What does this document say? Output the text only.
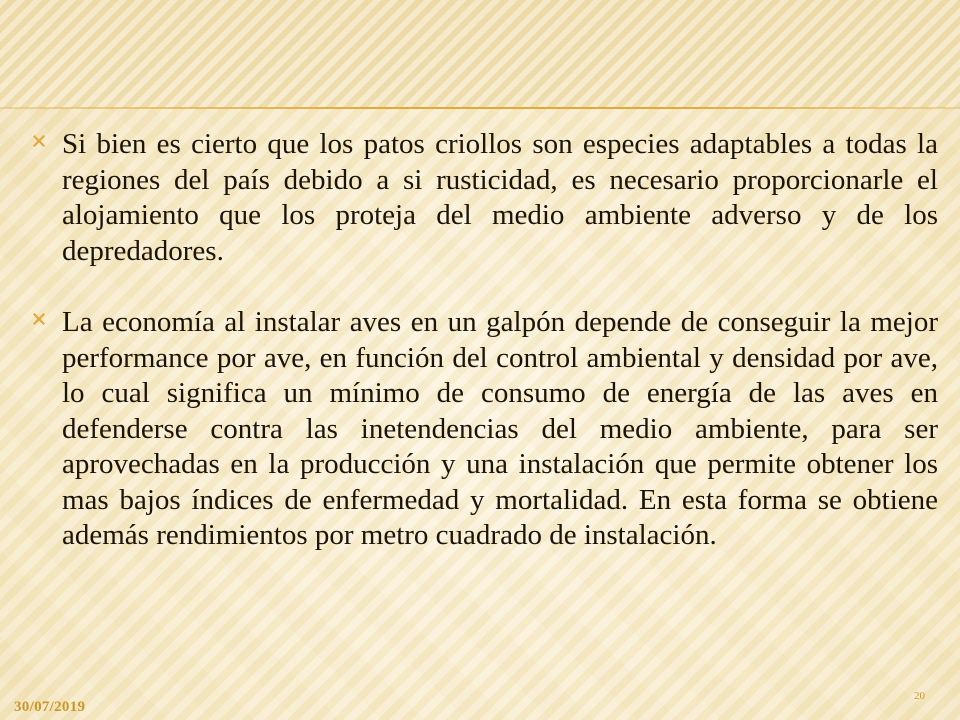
Si bien es cierto que los patos criollos son especies adaptables a todas la regiones del país debido a si rusticidad, es necesario proporcionarle el alojamiento que los proteja del medio ambiente adverso y de los depredadores.
La economía al instalar aves en un galpón depende de conseguir la mejor performance por ave, en función del control ambiental y densidad por ave, lo cual significa un mínimo de consumo de energía de las aves en defenderse contra las inetendencias del medio ambiente, para ser aprovechadas en la producción y una instalación que permite obtener los mas bajos índices de enfermedad y mortalidad. En esta forma se obtiene además rendimientos por metro cuadrado de instalación.
30/07/2019
20
